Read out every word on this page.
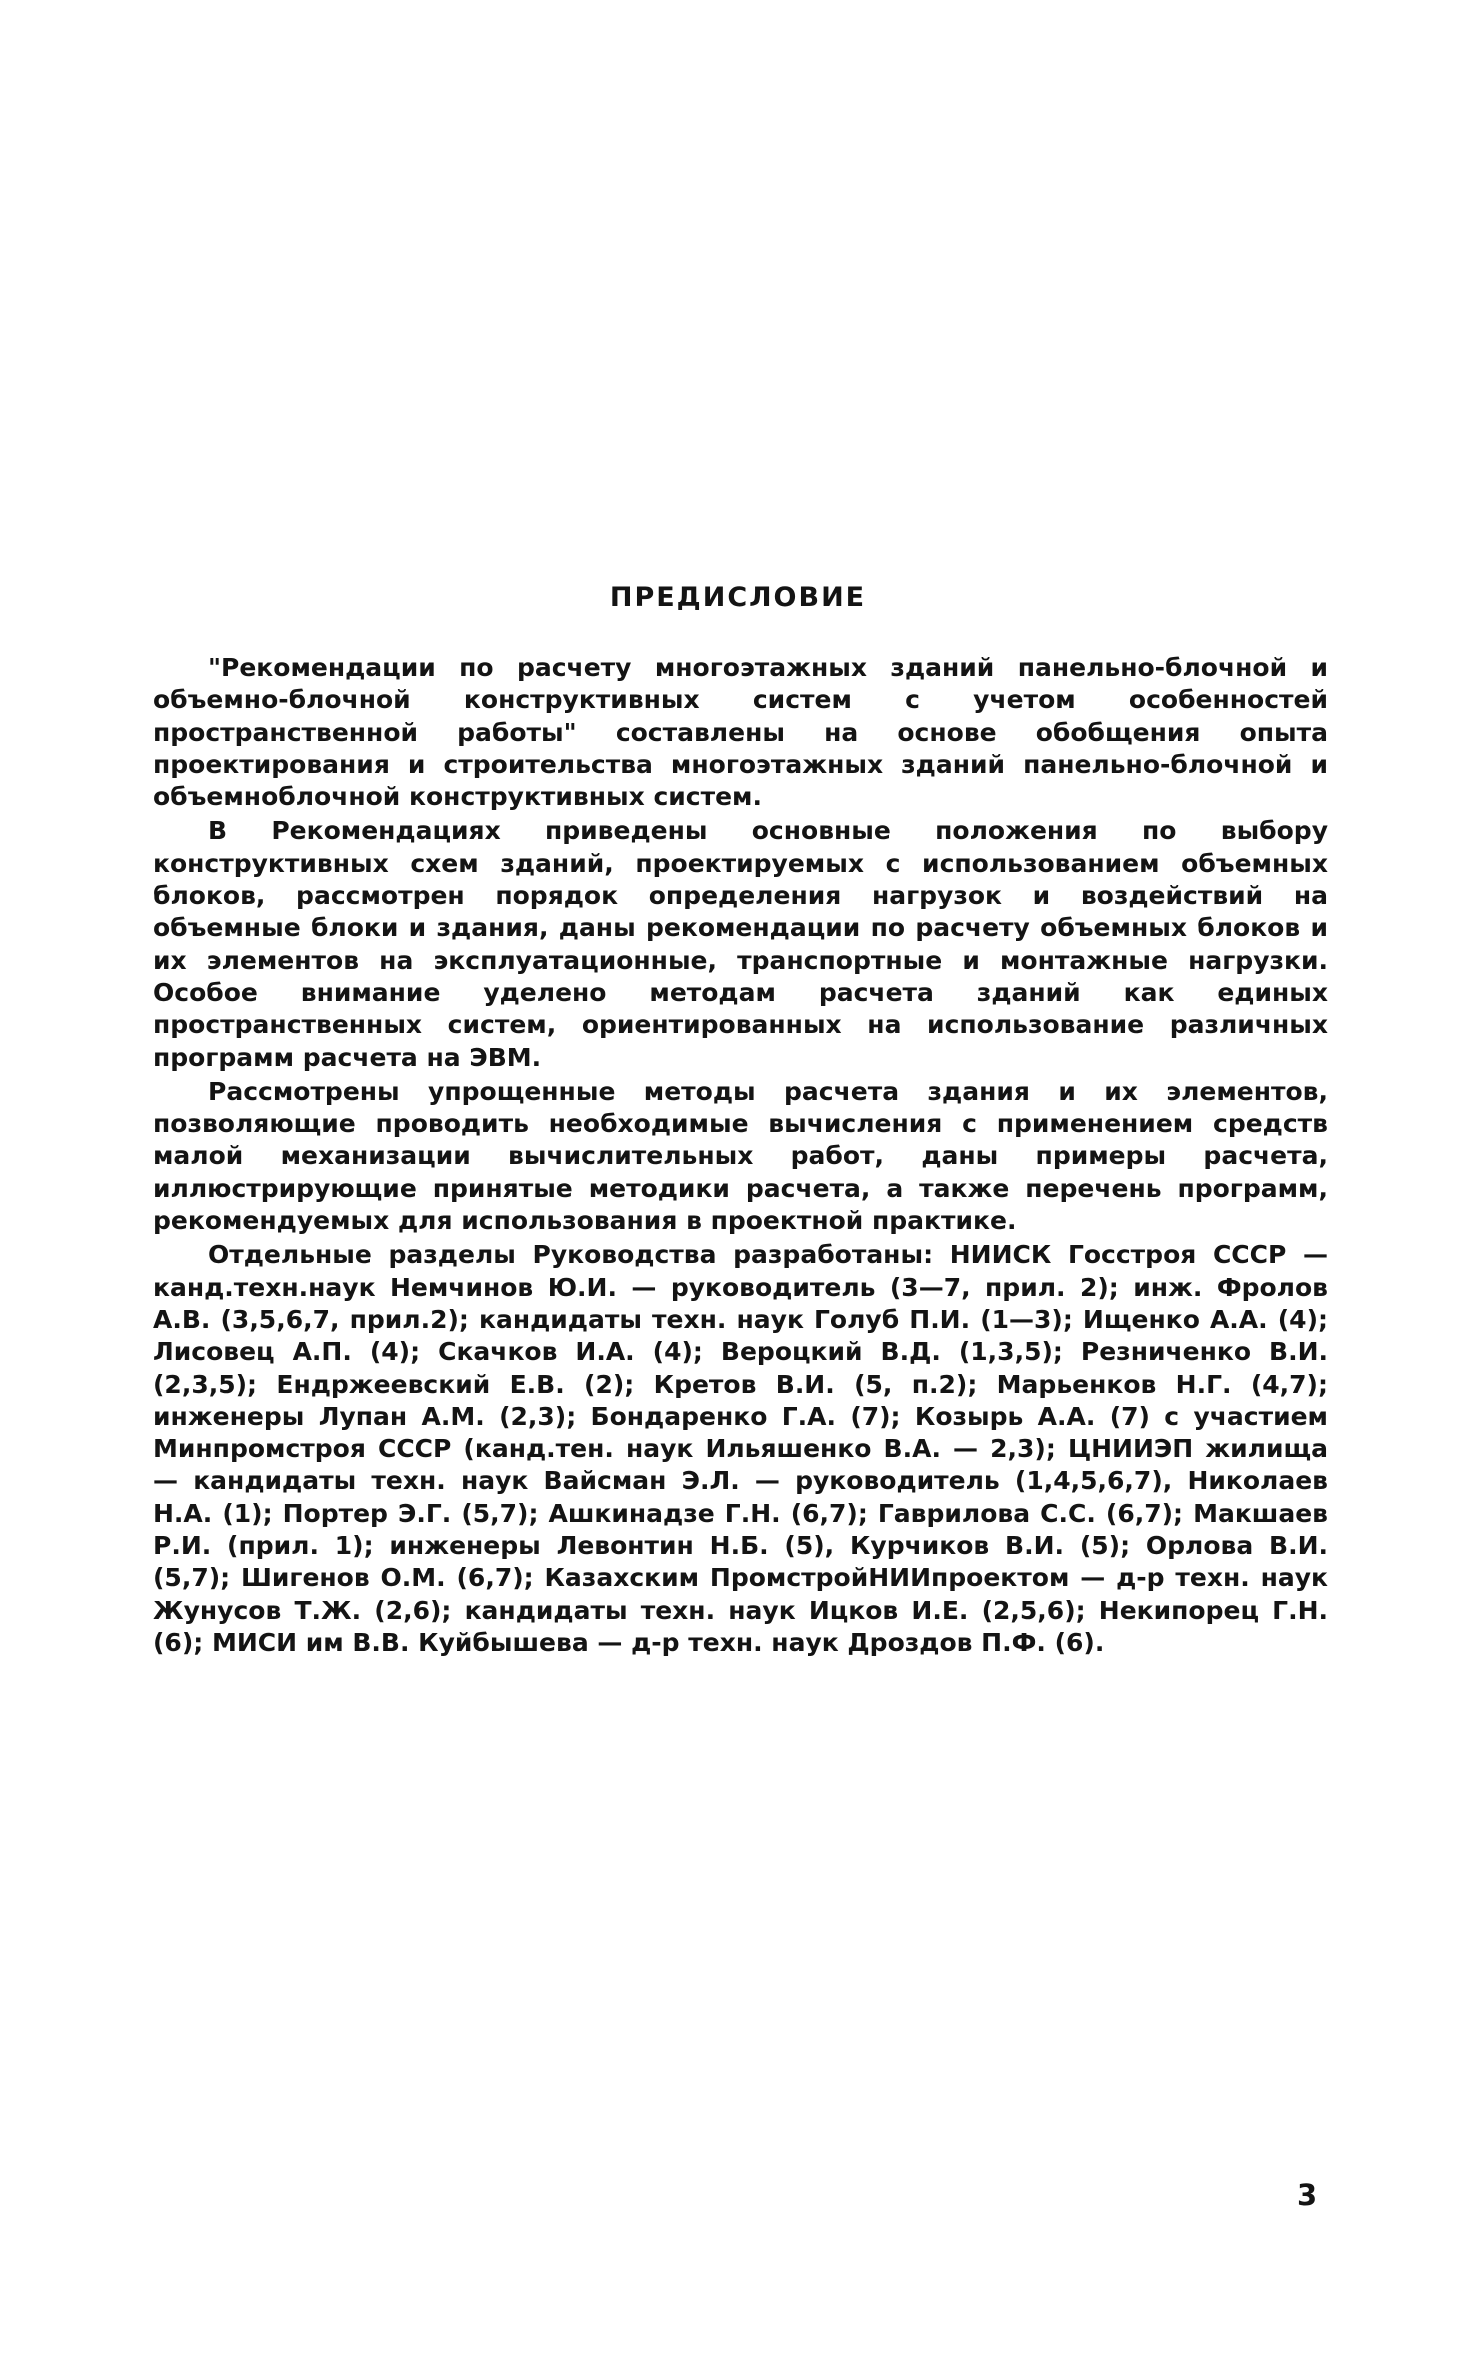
ПРЕДИСЛОВИЕ

"Рекомендации по расчету многоэтажных зданий панельно-блочной и объемно-блочной конструктивных систем с учетом особенностей пространственной работы" составлены на основе обобщения опыта проектирования и строительства многоэтажных зданий панельно-блочной и объемноблочной конструктивных систем.

В Рекомендациях приведены основные положения по выбору конструктивных схем зданий, проектируемых с использованием объемных блоков, рассмотрен порядок определения нагрузок и воздействий на объемные блоки и здания, даны рекомендации по расчету объемных блоков и их элементов на эксплуатационные, транспортные и монтажные нагрузки. Особое внимание уделено методам расчета зданий как единых пространственных систем, ориентированных на использование различных программ расчета на ЭВМ.

Рассмотрены упрощенные методы расчета здания и их элементов, позволяющие проводить необходимые вычисления с применением средств малой механизации вычислительных работ, даны примеры расчета, иллюстрирующие принятые методики расчета, а также перечень программ, рекомендуемых для использования в проектной практике.

Отдельные разделы Руководства разработаны: НИИСК Госстроя СССР — канд.техн.наук Немчинов Ю.И. — руководитель (3—7, прил. 2); инж. Фролов А.В. (3,5,6,7, прил.2); кандидаты техн. наук Голуб П.И. (1—3); Ищенко А.А. (4); Лисовец А.П. (4); Скачков И.А. (4); Вероцкий В.Д. (1,3,5); Резниченко В.И. (2,3,5); Ендржеевский Е.В. (2); Кретов В.И. (5, п.2); Марьенков Н.Г. (4,7); инженеры Лупан А.М. (2,3); Бондаренко Г.А. (7); Козырь А.А. (7) с участием Минпромстроя СССР (канд.тен. наук Ильяшенко В.А. — 2,3); ЦНИИЭП жилища — кандидаты техн. наук Вайсман Э.Л. — руководитель (1,4,5,6,7), Николаев Н.А. (1); Портер Э.Г. (5,7); Ашкинадзе Г.Н. (6,7); Гаврилова С.С. (6,7); Макшаев Р.И. (прил. 1); инженеры Левонтин Н.Б. (5), Курчиков В.И. (5); Орлова В.И. (5,7); Шигенов О.М. (6,7); Казахским ПромстройНИИпроектом — д-р техн. наук Жунусов Т.Ж. (2,6); кандидаты техн. наук Ицков И.Е. (2,5,6); Некипорец Г.Н. (6); МИСИ им В.В. Куйбышева — д-р техн. наук Дроздов П.Ф. (6).

3
